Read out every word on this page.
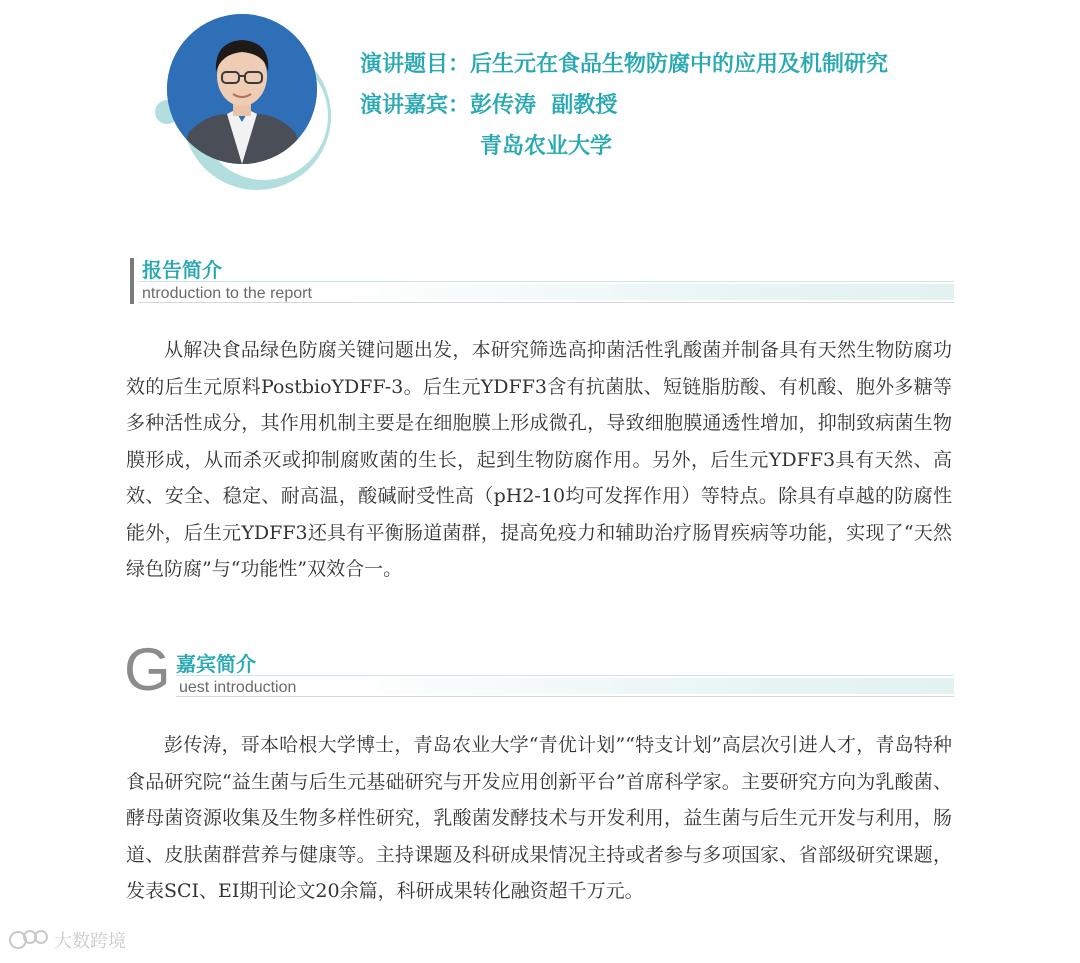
演讲题目：后生元在食品生物防腐中的应用及机制研究
演讲嘉宾：彭传涛  副教授
青岛农业大学
报告简介
ntroduction to the report

从解决食品绿色防腐关键问题出发，本研究筛选高抑菌活性乳酸菌并制备具有天然生物防腐功效的后生元原料PostbioYDFF-3。后生元YDFF3含有抗菌肽、短链脂肪酸、有机酸、胞外多糖等多种活性成分，其作用机制主要是在细胞膜上形成微孔，导致细胞膜通透性增加，抑制致病菌生物膜形成，从而杀灭或抑制腐败菌的生长，起到生物防腐作用。另外，后生元YDFF3具有天然、高效、安全、稳定、耐高温，酸碱耐受性高（pH2-10均可发挥作用）等特点。除具有卓越的防腐性能外，后生元YDFF3还具有平衡肠道菌群，提高免疫力和辅助治疗肠胃疾病等功能，实现了“天然绿色防腐”与“功能性”双效合一。

G 嘉宾简介
uest introduction

彭传涛，哥本哈根大学博士，青岛农业大学“青优计划”“特支计划”高层次引进人才，青岛特种食品研究院“益生菌与后生元基础研究与开发应用创新平台”首席科学家。主要研究方向为乳酸菌、酵母菌资源收集及生物多样性研究，乳酸菌发酵技术与开发利用，益生菌与后生元开发与利用，肠道、皮肤菌群营养与健康等。主持课题及科研成果情况主持或者参与多项国家、省部级研究课题，发表SCI、EI期刊论文20余篇，科研成果转化融资超千万元。

大数跨境
